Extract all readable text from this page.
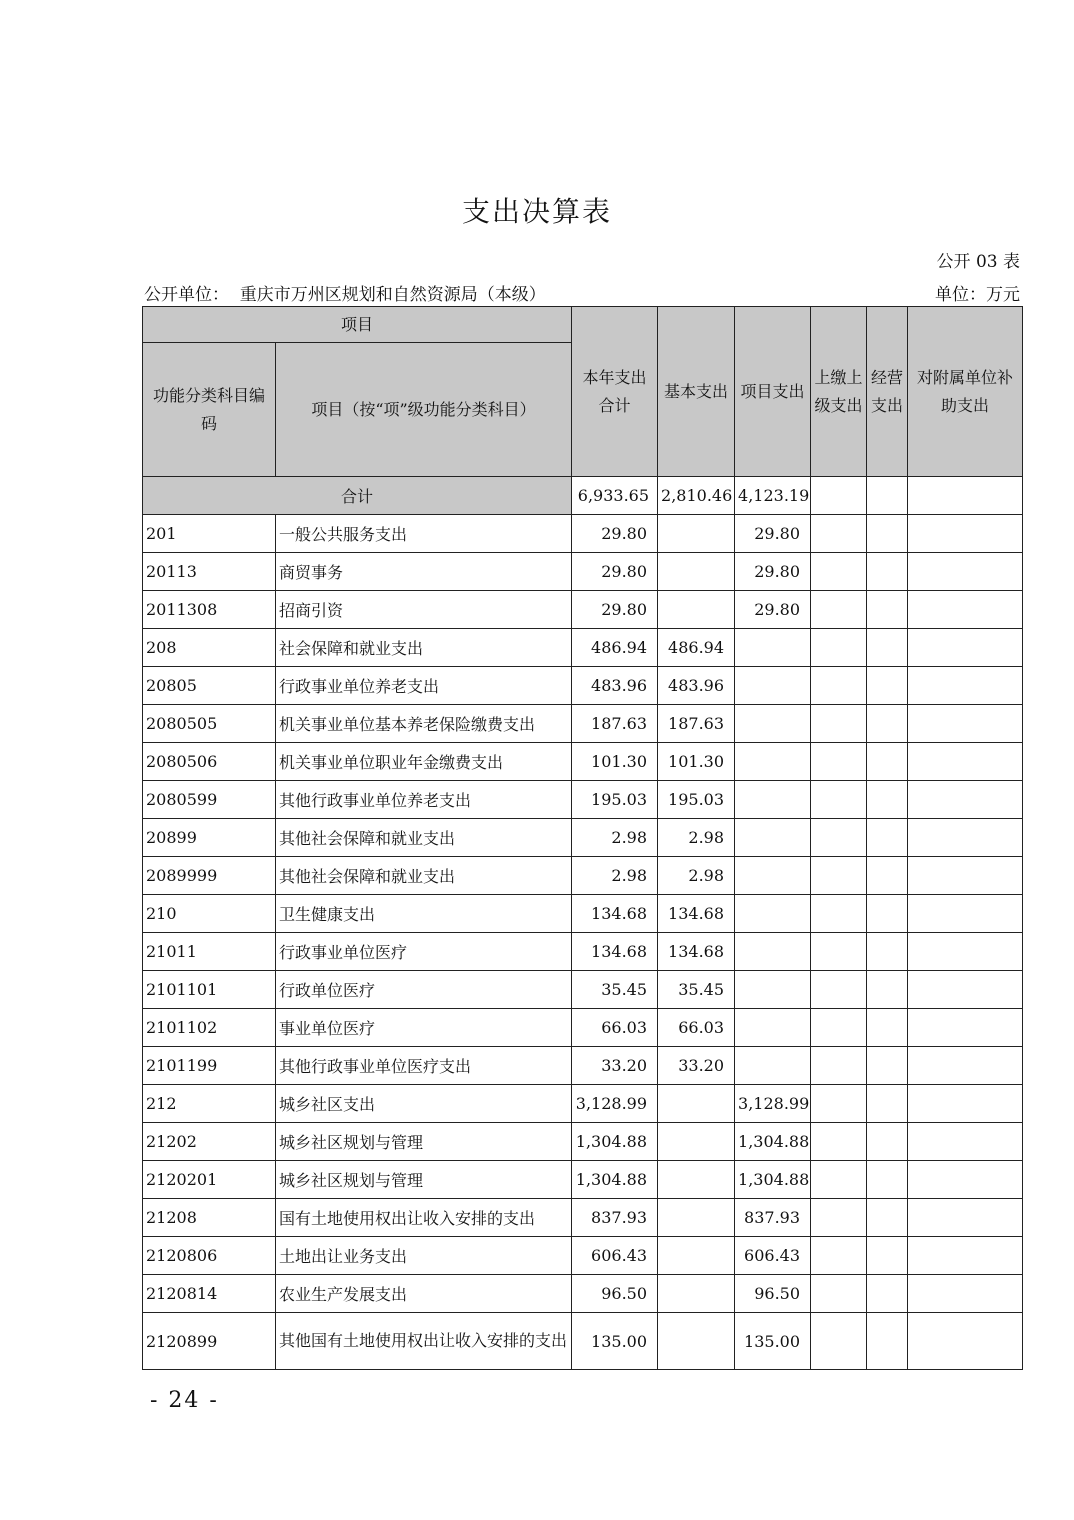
支出决算表
公开 03 表
公开单位：  重庆市万州区规划和自然资源局（本级）	单位：万元
项目		本年支出合计	基本支出	项目支出	上缴上级支出	经营支出	对附属单位补助支出
功能分类科目编码	项目（按“项”级功能分类科目）						
合计		6,933.65	2,810.46	4,123.19			
201	一般公共服务支出	29.80		29.80			
20113	商贸事务	29.80		29.80			
2011308	招商引资	29.80		29.80			
208	社会保障和就业支出	486.94	486.94				
20805	行政事业单位养老支出	483.96	483.96				
2080505	机关事业单位基本养老保险缴费支出	187.63	187.63				
2080506	机关事业单位职业年金缴费支出	101.30	101.30				
2080599	其他行政事业单位养老支出	195.03	195.03				
20899	其他社会保障和就业支出	2.98	2.98				
2089999	其他社会保障和就业支出	2.98	2.98				
210	卫生健康支出	134.68	134.68				
21011	行政事业单位医疗	134.68	134.68				
2101101	行政单位医疗	35.45	35.45				
2101102	事业单位医疗	66.03	66.03				
2101199	其他行政事业单位医疗支出	33.20	33.20				
212	城乡社区支出	3,128.99		3,128.99			
21202	城乡社区规划与管理	1,304.88		1,304.88			
2120201	城乡社区规划与管理	1,304.88		1,304.88			
21208	国有土地使用权出让收入安排的支出	837.93		837.93			
2120806	土地出让业务支出	606.43		606.43			
2120814	农业生产发展支出	96.50		96.50			
2120899	其他国有土地使用权出让收入安排的支出	135.00		135.00			
- 24 -
